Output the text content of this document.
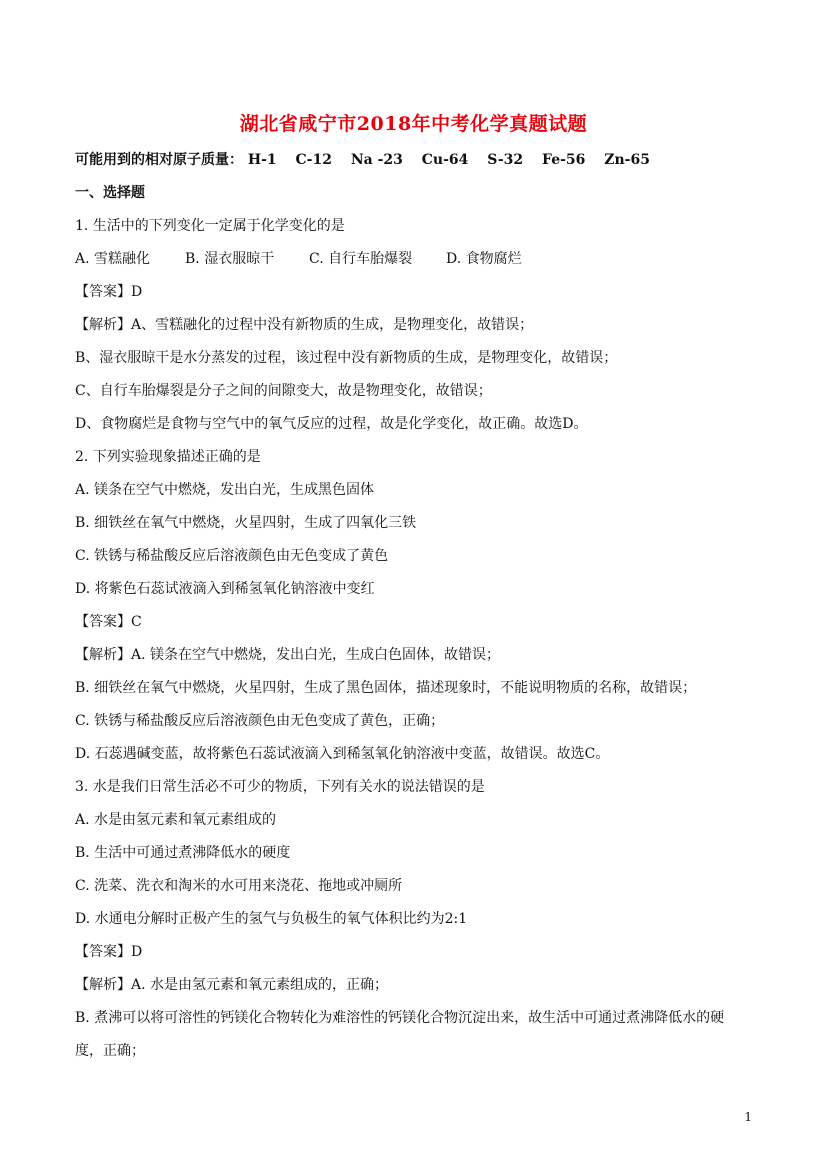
湖北省咸宁市2018年中考化学真题试题
可能用到的相对原子质量： H-1　 C-12　 Na -23　 Cu-64　 S-32　 Fe-56　 Zn-65
一、选择题
1. 生活中的下列变化一定属于化学变化的是
A. 雪糕融化 B. 湿衣服晾干 C. 自行车胎爆裂 D. 食物腐烂
【答案】D
【解析】A、雪糕融化的过程中没有新物质的生成，是物理变化，故错误；
B、湿衣服晾干是水分蒸发的过程，该过程中没有新物质的生成，是物理变化，故错误；
C、自行车胎爆裂是分子之间的间隙变大，故是物理变化，故错误；
D、食物腐烂是食物与空气中的氧气反应的过程，故是化学变化，故正确。故选D。
2. 下列实验现象描述正确的是
A. 镁条在空气中燃烧，发出白光，生成黑色固体
B. 细铁丝在氧气中燃烧，火星四射，生成了四氧化三铁
C. 铁锈与稀盐酸反应后溶液颜色由无色变成了黄色
D. 将紫色石蕊试液滴入到稀氢氧化钠溶液中变红
【答案】C
【解析】A. 镁条在空气中燃烧，发出白光，生成白色固体，故错误；
B. 细铁丝在氧气中燃烧，火星四射，生成了黑色固体，描述现象时，不能说明物质的名称，故错误；
C. 铁锈与稀盐酸反应后溶液颜色由无色变成了黄色，正确；
D. 石蕊遇碱变蓝，故将紫色石蕊试液滴入到稀氢氧化钠溶液中变蓝，故错误。故选C。
3. 水是我们日常生活必不可少的物质，下列有关水的说法错误的是
A. 水是由氢元素和氧元素组成的
B. 生活中可通过煮沸降低水的硬度
C. 洗菜、洗衣和淘米的水可用来浇花、拖地或冲厕所
D. 水通电分解时正极产生的氢气与负极生的氧气体积比约为2:1
【答案】D
【解析】A. 水是由氢元素和氧元素组成的，正确；
B. 煮沸可以将可溶性的钙镁化合物转化为难溶性的钙镁化合物沉淀出来，故生活中可通过煮沸降低水的硬
度，正确；
1
